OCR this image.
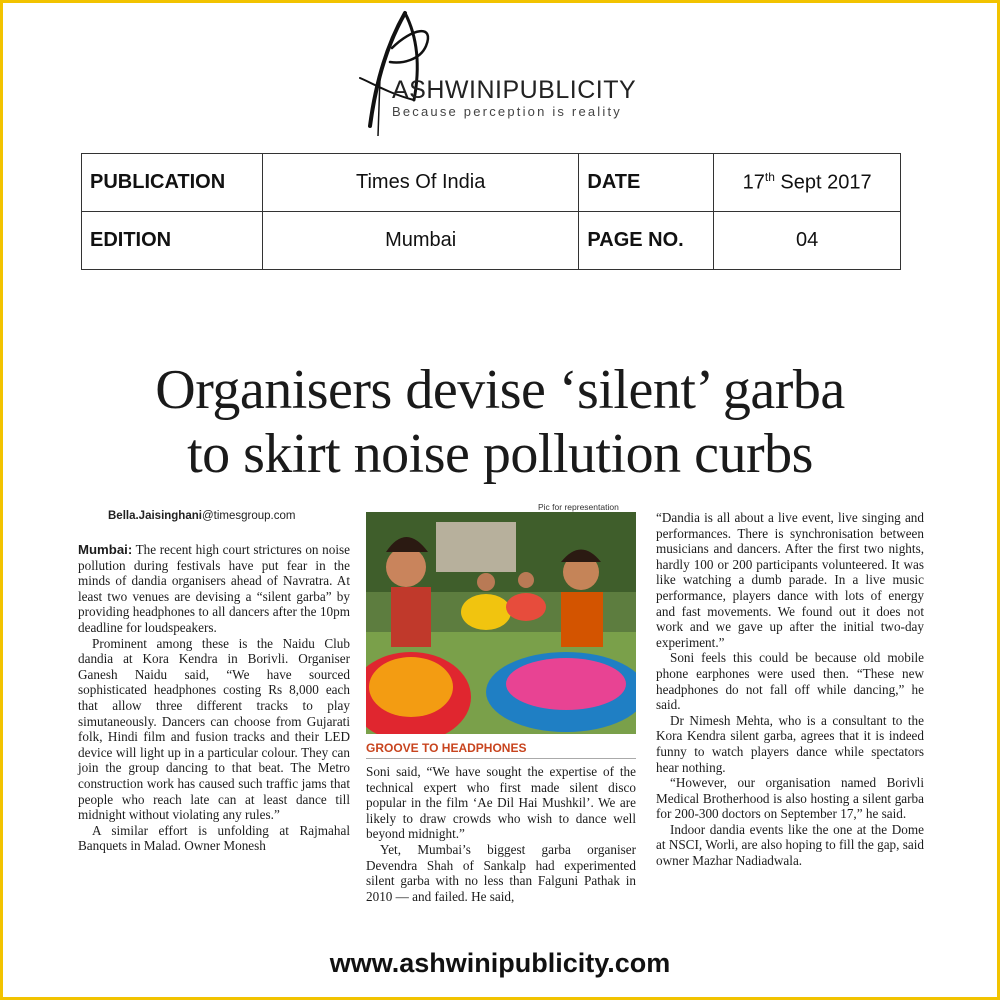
ASHWINIPUBLICITY
Because perception is reality
PUBLICATION	Times Of India	DATE	17th Sept 2017
EDITION	Mumbai	PAGE NO.	04
Organisers devise ‘silent’ garba
to skirt noise pollution curbs
Bella.Jaisinghani@timesgroup.com

Mumbai: The recent high court strictures on noise pollution during festivals have put fear in the minds of dandia organisers ahead of Navratra. At least two venues are devising a “silent garba” by providing headphones to all dancers after the 10pm deadline for loudspeakers.

Prominent among these is the Naidu Club dandia at Kora Kendra in Borivli. Organiser Ganesh Naidu said, “We have sourced sophisticated headphones costing Rs 8,000 each that allow three different tracks to play simutaneously. Dancers can choose from Gujarati folk, Hindi film and fusion tracks and their LED device will light up in a particular colour. They can join the group dancing to that beat. The Metro construction work has caused such traffic jams that people who reach late can at least dance till midnight without violating any rules.”

A similar effort is unfolding at Rajmahal Banquets in Malad. Owner Monesh

Pic for representation
GROOVE TO HEADPHONES

Soni said, “We have sought the expertise of the technical expert who first made silent disco popular in the film ‘Ae Dil Hai Mushkil’. We are likely to draw crowds who wish to dance well beyond midnight.”

Yet, Mumbai’s biggest garba organiser Devendra Shah of Sankalp had experimented silent garba with no less than Falguni Pathak in 2010 — and failed. He said,

“Dandia is all about a live event, live singing and performances. There is synchronisation between musicians and dancers. After the first two nights, hardly 100 or 200 participants volunteered. It was like watching a dumb parade. In a live music performance, players dance with lots of energy and fast movements. We found out it does not work and we gave up after the initial two-day experiment.”

Soni feels this could be because old mobile phone earphones were used then. “These new headphones do not fall off while dancing,” he said.

Dr Nimesh Mehta, who is a consultant to the Kora Kendra silent garba, agrees that it is indeed funny to watch players dance while spectators hear nothing.

“However, our organisation named Borivli Medical Brotherhood is also hosting a silent garba for 200-300 doctors on September 17,” he said.

Indoor dandia events like the one at the Dome at NSCI, Worli, are also hoping to fill the gap, said owner Mazhar Nadiadwala.

www.ashwinipublicity.com
